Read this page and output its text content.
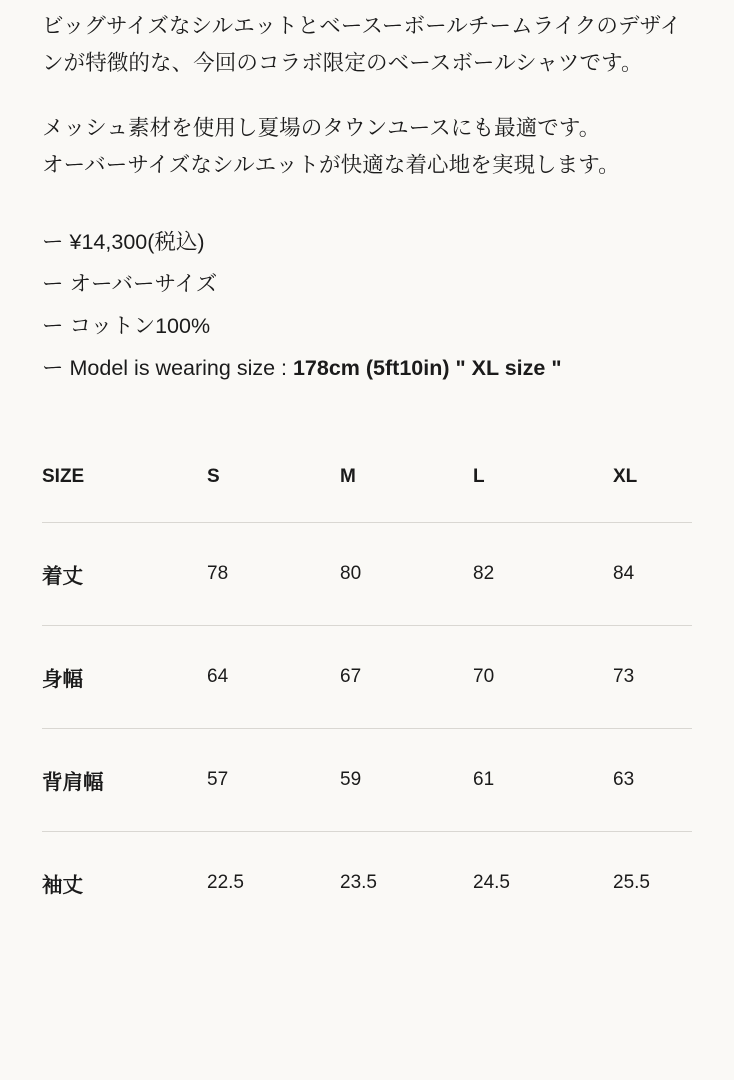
ビッグサイズなシルエットとベースーボールチームライクのデザインが特徴的な、今回のコラボ限定のベースボールシャツです。

メッシュ素材を使用し夏場のタウンユースにも最適です。

オーバーサイズなシルエットが快適な着心地を実現します。

ー ¥14,300(税込)
ー オーバーサイズ
ー コットン100%
ー Model is wearing size : 178cm (5ft10in) " XL size "
SIZE	S	M	L	XL
着丈	78	80	82	84
身幅	64	67	70	73
背肩幅	57	59	61	63
袖丈	22.5	23.5	24.5	25.5
